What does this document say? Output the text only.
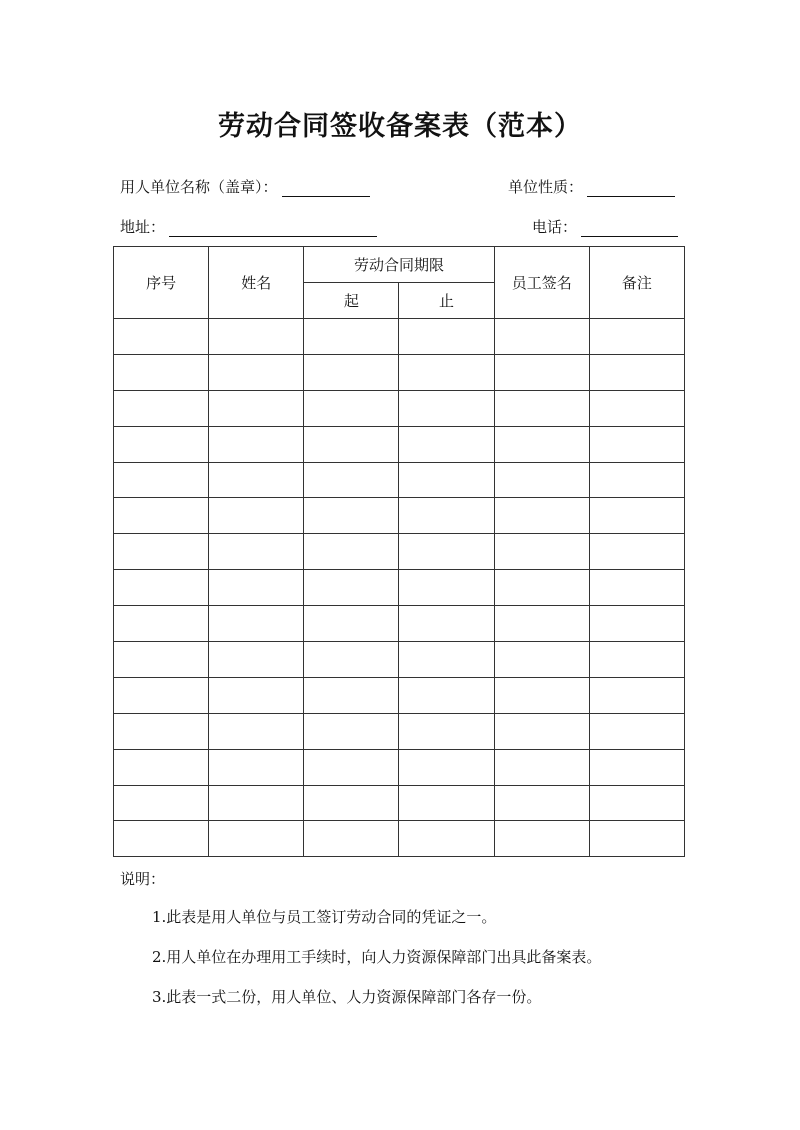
劳动合同签收备案表（范本）
用人单位名称（盖章）：	单位性质：
地址：	电话：
序号	姓名	劳动合同期限		员工签名	备注
		起	止		

说明：
1.此表是用人单位与员工签订劳动合同的凭证之一。
2.用人单位在办理用工手续时，向人力资源保障部门出具此备案表。
3.此表一式二份，用人单位、人力资源保障部门各存一份。
